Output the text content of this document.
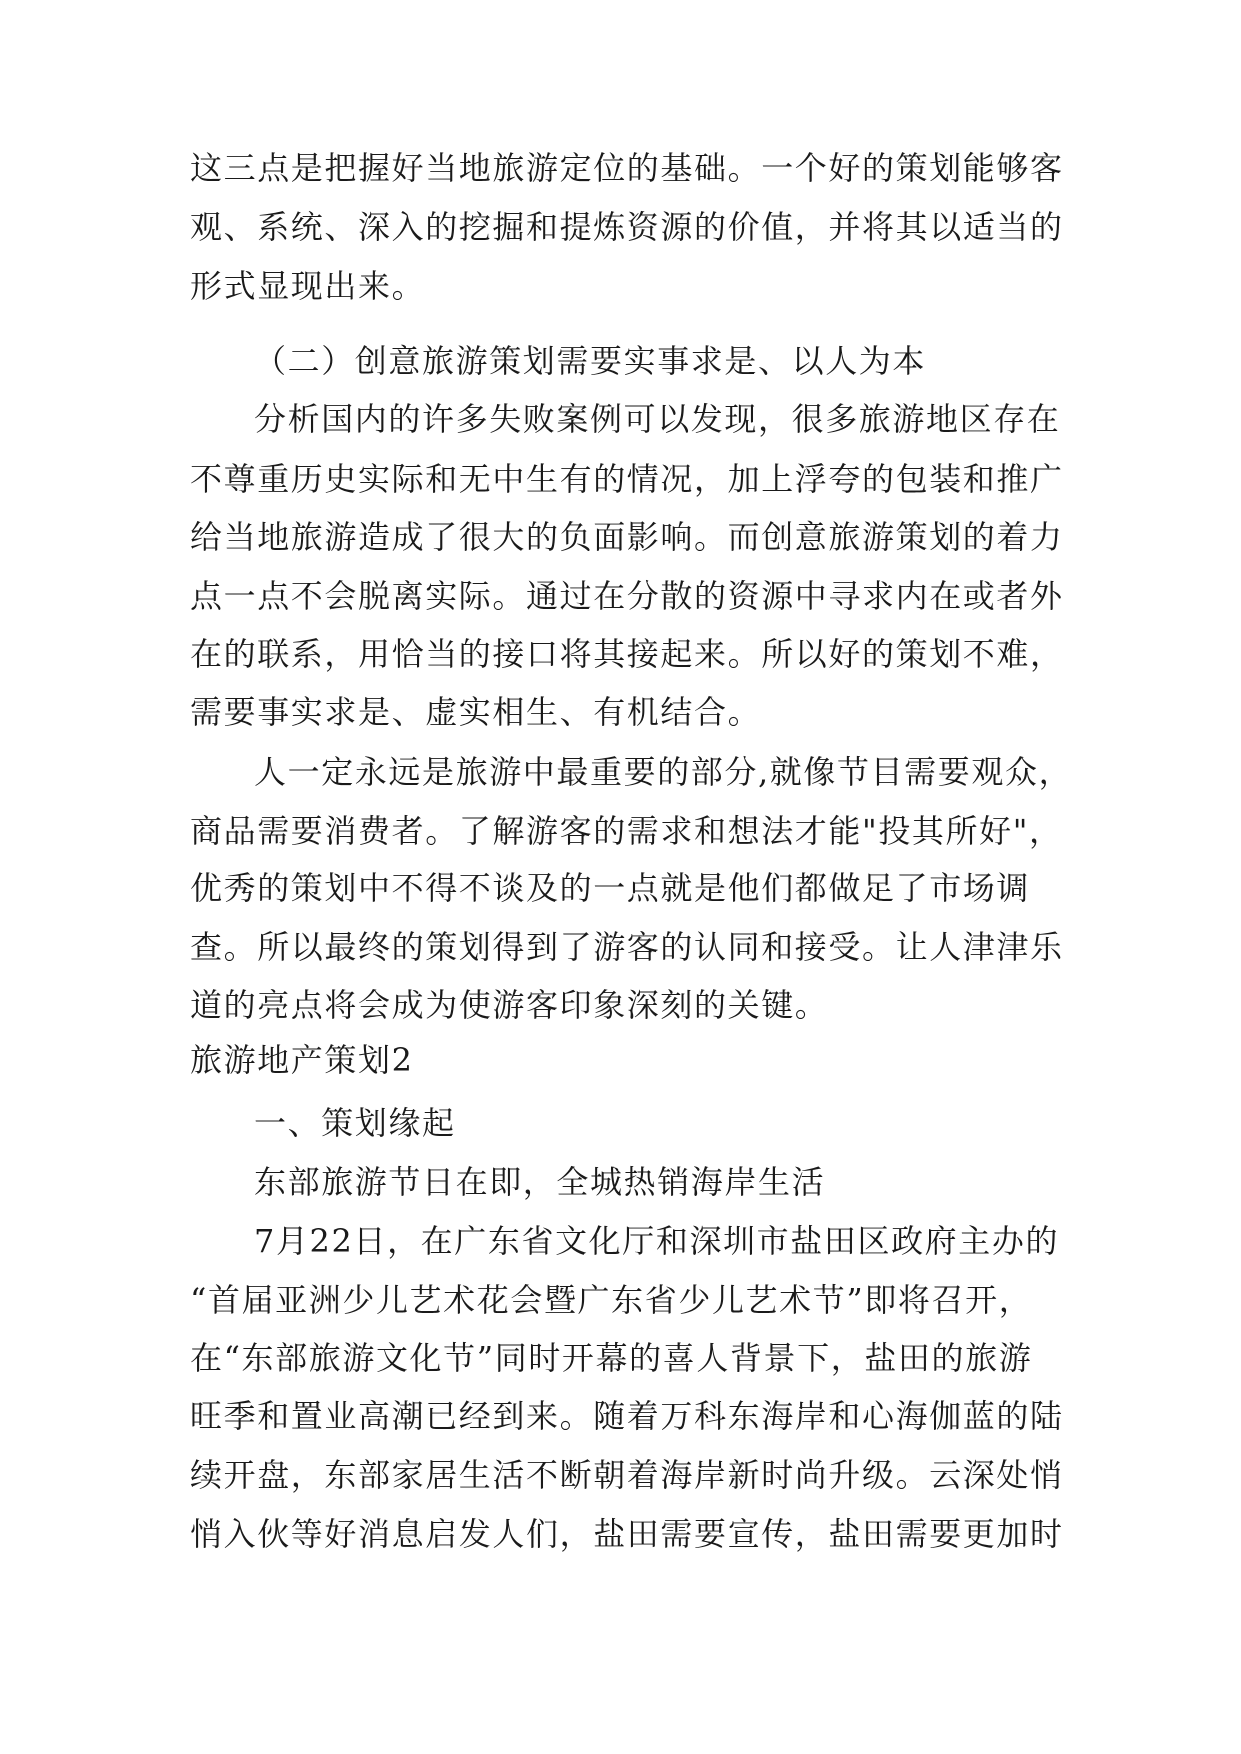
这三点是把握好当地旅游定位的基础。一个好的策划能够客
观、系统、深入的挖掘和提炼资源的价值，并将其以适当的
形式显现出来。
（二）创意旅游策划需要实事求是、以人为本
分析国内的许多失败案例可以发现，很多旅游地区存在
不尊重历史实际和无中生有的情况，加上浮夸的包装和推广
给当地旅游造成了很大的负面影响。而创意旅游策划的着力
点一点不会脱离实际。通过在分散的资源中寻求内在或者外
在的联系，用恰当的接口将其接起来。所以好的策划不难，
需要事实求是、虚实相生、有机结合。
人一定永远是旅游中最重要的部分,就像节目需要观众，
商品需要消费者。了解游客的需求和想法才能"投其所好"，
优秀的策划中不得不谈及的一点就是他们都做足了市场调
查。所以最终的策划得到了游客的认同和接受。让人津津乐
道的亮点将会成为使游客印象深刻的关键。
旅游地产策划2
一、策划缘起
东部旅游节日在即，全城热销海岸生活
7月22日，在广东省文化厅和深圳市盐田区政府主办的
“首届亚洲少儿艺术花会暨广东省少儿艺术节”即将召开，
在“东部旅游文化节”同时开幕的喜人背景下，盐田的旅游
旺季和置业高潮已经到来。随着万科东海岸和心海伽蓝的陆
续开盘，东部家居生活不断朝着海岸新时尚升级。云深处悄
悄入伙等好消息启发人们，盐田需要宣传，盐田需要更加时
